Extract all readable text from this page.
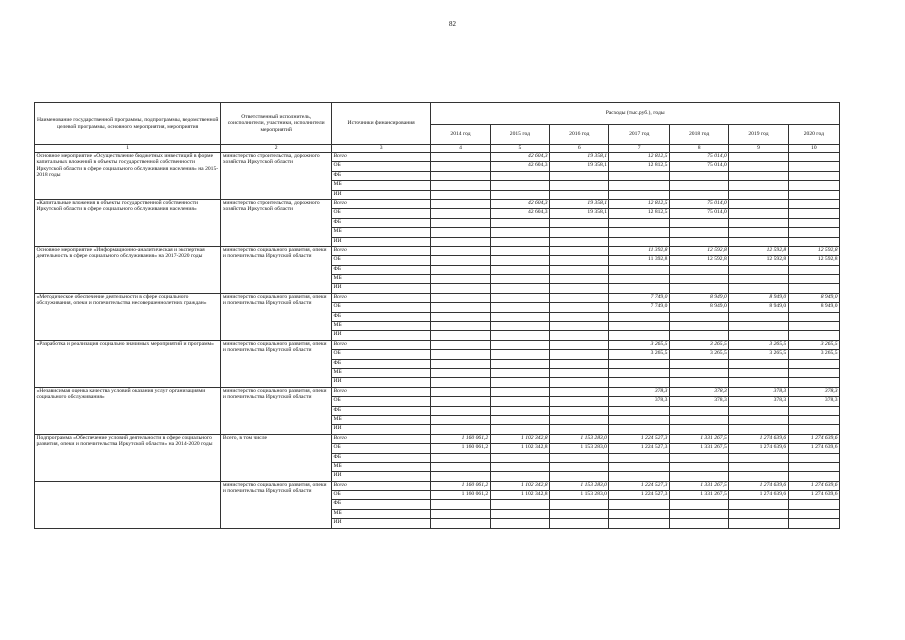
82
Наименование государственной программы, подпрограммы, ведомственной целевой программы, основного мероприятия, мероприятия	Ответственный исполнитель, соисполнители, участники, исполнители мероприятий	Источники финансирования	Расходы (тыс.руб.), годы						
			2014 год	2015 год	2016 год	2017 год	2018 год	2019 год	2020 год
1	2	3	4	5	6	7	8	9	10
Основное мероприятие «Осуществление бюджетных инвестиций в форме капитальных вложений в объекты государственной собственности Иркутской области в сфере социального обслуживания населения» на 2015-2018 годы	министерство строительства, дорожного хозяйства Иркутской области	Всего		42 604,3	19 358,1	12 812,5	75 014,0		
		ОБ		42 604,3	19 358,1	12 812,5	75 014,0		
		ФБ							
		МБ							
		ИИ							
«Капитальные вложения в объекты государственной собственности Иркутской области в сфере социального обслуживания населения»	министерство строительства, дорожного хозяйства Иркутской области	Всего		42 604,3	19 358,1	12 812,5	75 014,0		
		ОБ		42 604,3	19 358,1	12 812,5	75 014,0		
		ФБ							
		МБ							
		ИИ							
Основное мероприятие «Информационно-аналитическая и экспертная деятельность в сфере социального обслуживания» на 2017-2020 годы	министерство социального развития, опеки и попечительства Иркутской области	Всего				11 392,8	12 592,8	12 592,8	12 592,8
		ОБ				11 392,8	12 592,8	12 592,8	12 592,8
		ФБ							
		МБ							
		ИИ							
«Методическое обеспечение деятельности в сфере социального обслуживания, опеки и попечительства несовершеннолетних граждан»	министерство социального развития, опеки и попечительства Иркутской области	Всего				7 749,0	8 949,0	8 949,0	8 949,0
		ОБ				7 749,0	8 949,0	8 949,0	8 949,0
		ФБ							
		МБ							
		ИИ							
«Разработка и реализация социально значимых мероприятий и программ»	министерство социального развития, опеки и попечительства Иркутской области	Всего				3 265,5	3 265,5	3 265,5	3 265,5
		ОБ				3 265,5	3 265,5	3 265,5	3 265,5
		ФБ							
		МБ							
		ИИ							
«Независимая оценка качества условий оказания услуг организациями социального обслуживания»	министерство социального развития, опеки и попечительства Иркутской области	Всего				378,3	378,3	378,3	378,3
		ОБ				378,3	378,3	378,3	378,3
		ФБ							
		МБ							
		ИИ							
Подпрограмма «Обеспечение условий деятельности в сфере социального развития, опеки и попечительства Иркутской области» на 2014-2020 годы	Всего, в том числе	Всего	1 160 061,2	1 102 342,8	1 153 283,0	1 224 527,3	1 331 267,5	1 274 639,6	1 274 639,6
		ОБ	1 160 061,2	1 102 342,8	1 153 283,0	1 224 527,3	1 331 267,5	1 274 639,6	1 274 639,6
		ФБ							
		МБ							
		ИИ							
	министерство социального развития, опеки и попечительства Иркутской области	Всего	1 160 061,2	1 102 342,8	1 153 283,0	1 224 527,3	1 331 267,5	1 274 639,6	1 274 639,6
		ОБ	1 160 061,2	1 102 342,8	1 153 283,0	1 224 527,3	1 331 267,5	1 274 639,6	1 274 639,6
		ФБ							
		МБ							
		ИИ							
